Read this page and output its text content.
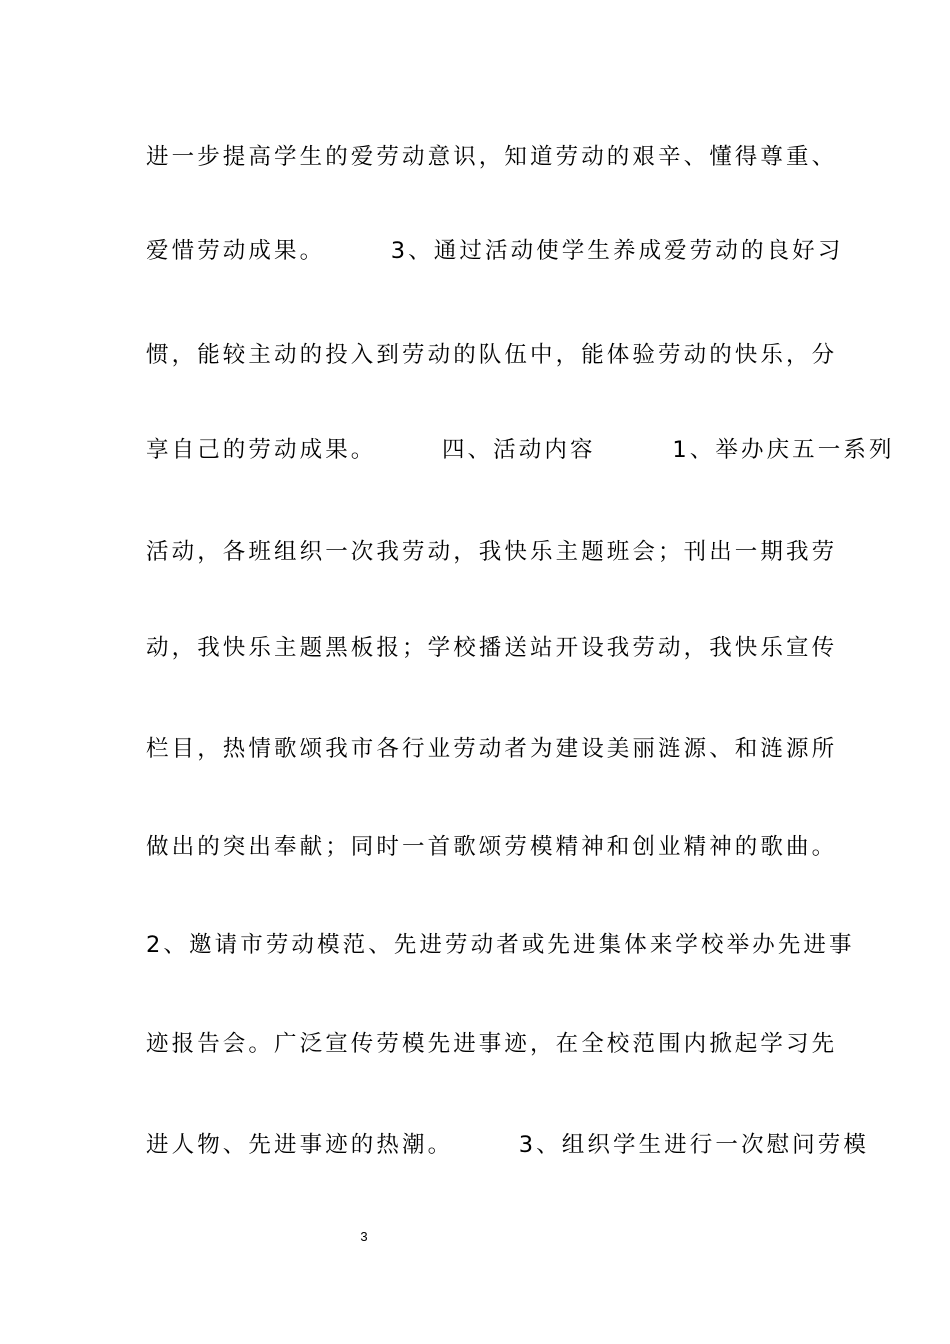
进一步提高学生的爱劳动意识，知道劳动的艰辛、懂得尊重、
爱惜劳动成果。　　　3、通过活动使学生养成爱劳动的良好习
惯，能较主动的投入到劳动的队伍中，能体验劳动的快乐，分
享自己的劳动成果。　　　四、活动内容　　　1、举办庆五一系列
活动，各班组织一次我劳动，我快乐主题班会；刊出一期我劳
动，我快乐主题黑板报；学校播送站开设我劳动，我快乐宣传
栏目，热情歌颂我市各行业劳动者为建设美丽涟源、和涟源所
做出的突出奉献；同时一首歌颂劳模精神和创业精神的歌曲。
2、邀请市劳动模范、先进劳动者或先进集体来学校举办先进事
迹报告会。广泛宣传劳模先进事迹，在全校范围内掀起学习先
进人物、先进事迹的热潮。　　　3、组织学生进行一次慰问劳模
3
